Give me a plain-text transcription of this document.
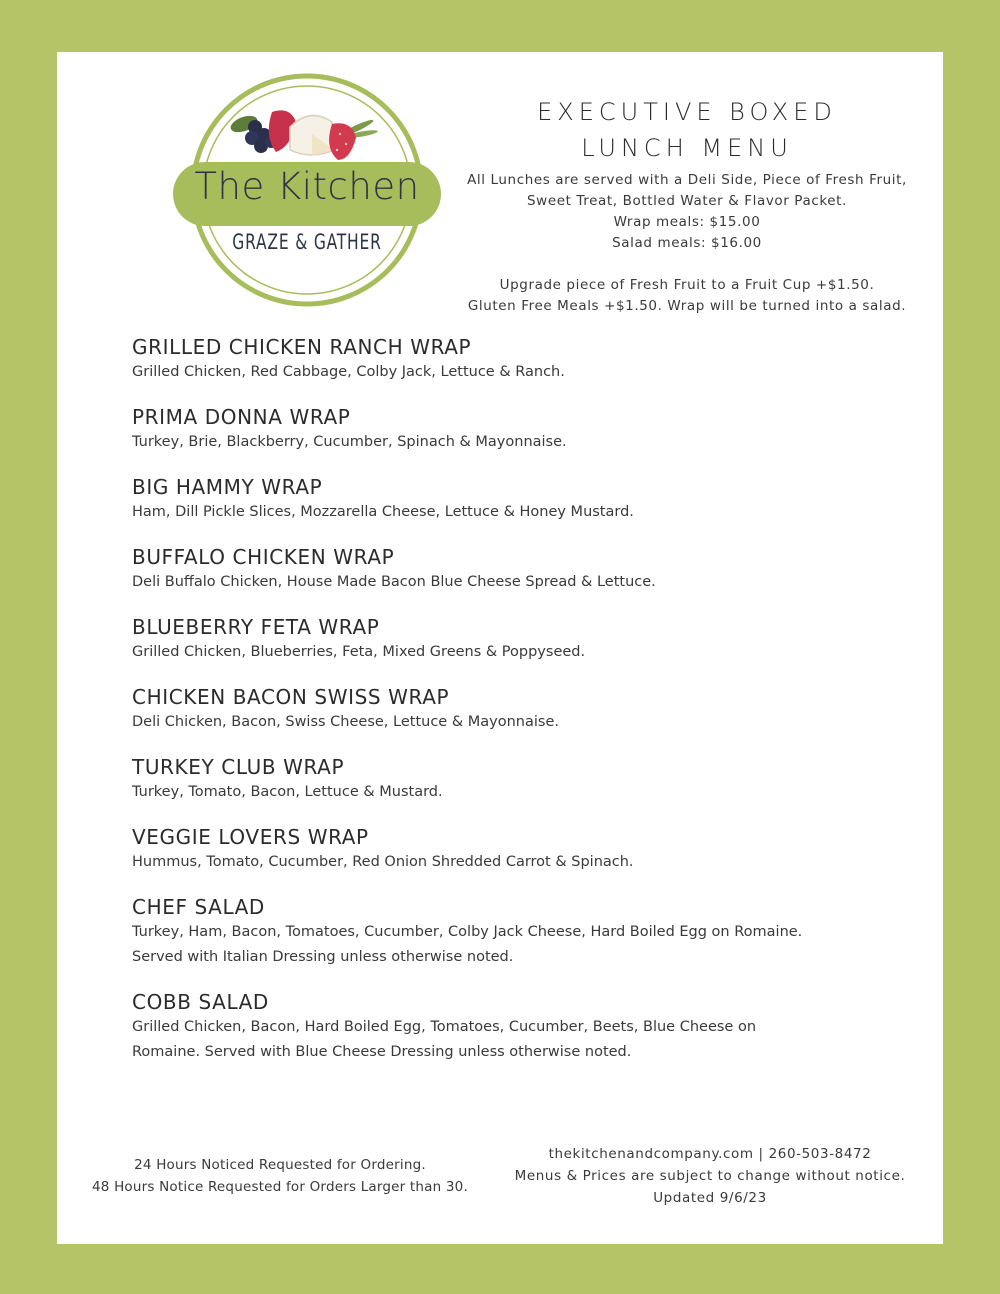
The Kitchen
GRAZE & GATHER
EXECUTIVE BOXED
LUNCH MENU
All Lunches are served with a Deli Side, Piece of Fresh Fruit,
Sweet Treat, Bottled Water & Flavor Packet.
Wrap meals: $15.00
Salad meals: $16.00
Upgrade piece of Fresh Fruit to a Fruit Cup +$1.50.
Gluten Free Meals +$1.50. Wrap will be turned into a salad.
GRILLED CHICKEN RANCH WRAP
Grilled Chicken, Red Cabbage, Colby Jack, Lettuce & Ranch.
PRIMA DONNA WRAP
Turkey, Brie, Blackberry, Cucumber, Spinach & Mayonnaise.
BIG HAMMY WRAP
Ham, Dill Pickle Slices, Mozzarella Cheese, Lettuce & Honey Mustard.
BUFFALO CHICKEN WRAP
Deli Buffalo Chicken, House Made Bacon Blue Cheese Spread & Lettuce.
BLUEBERRY FETA WRAP
Grilled Chicken, Blueberries, Feta, Mixed Greens & Poppyseed.
CHICKEN BACON SWISS WRAP
Deli Chicken, Bacon, Swiss Cheese, Lettuce & Mayonnaise.
TURKEY CLUB WRAP
Turkey, Tomato, Bacon, Lettuce & Mustard.
VEGGIE LOVERS WRAP
Hummus, Tomato, Cucumber, Red Onion Shredded Carrot & Spinach.
CHEF SALAD
Turkey, Ham, Bacon, Tomatoes, Cucumber, Colby Jack Cheese, Hard Boiled Egg on Romaine.
Served with Italian Dressing unless otherwise noted.
COBB SALAD
Grilled Chicken, Bacon, Hard Boiled Egg, Tomatoes, Cucumber, Beets, Blue Cheese on
Romaine. Served with Blue Cheese Dressing unless otherwise noted.
24 Hours Noticed Requested for Ordering.
48 Hours Notice Requested for Orders Larger than 30.
thekitchenandcompany.com | 260-503-8472
Menus & Prices are subject to change without notice.
Updated 9/6/23
